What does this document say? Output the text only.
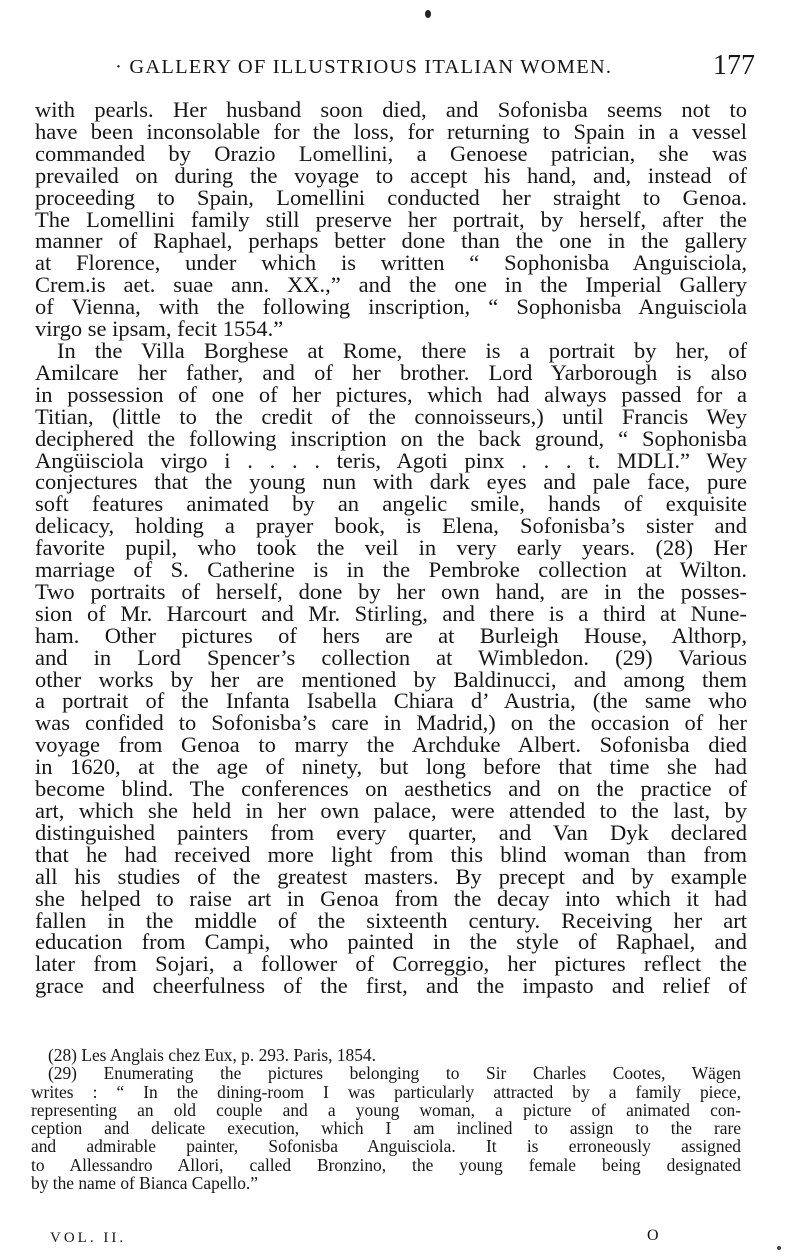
· GALLERY OF ILLUSTRIOUS ITALIAN WOMEN.	177
with pearls. Her husband soon died, and Sofonisba seems not to
have been inconsolable for the loss, for returning to Spain in a vessel
commanded by Orazio Lomellini, a Genoese patrician, she was
prevailed on during the voyage to accept his hand, and, instead of
proceeding to Spain, Lomellini conducted her straight to Genoa.
The Lomellini family still preserve her portrait, by herself, after the
manner of Raphael, perhaps better done than the one in the gallery
at Florence, under which is written “ Sophonisba Anguisciola,
Crem.is aet. suae ann. XX.,” and the one in the Imperial Gallery
of Vienna, with the following inscription, “ Sophonisba Anguisciola
virgo se ipsam, fecit 1554.”
In the Villa Borghese at Rome, there is a portrait by her, of
Amilcare her father, and of her brother. Lord Yarborough is also
in possession of one of her pictures, which had always passed for a
Titian, (little to the credit of the connoisseurs,) until Francis Wey
deciphered the following inscription on the back ground, “ Sophonisba
Angüisciola virgo i . . . . teris, Agoti pinx . . . t. MDLI.” Wey
conjectures that the young nun with dark eyes and pale face, pure
soft features animated by an angelic smile, hands of exquisite
delicacy, holding a prayer book, is Elena, Sofonisba’s sister and
favorite pupil, who took the veil in very early years. (28) Her
marriage of S. Catherine is in the Pembroke collection at Wilton.
Two portraits of herself, done by her own hand, are in the posses-
sion of Mr. Harcourt and Mr. Stirling, and there is a third at Nune-
ham. Other pictures of hers are at Burleigh House, Althorp,
and in Lord Spencer’s collection at Wimbledon. (29) Various
other works by her are mentioned by Baldinucci, and among them
a portrait of the Infanta Isabella Chiara d’ Austria, (the same who
was confided to Sofonisba’s care in Madrid,) on the occasion of her
voyage from Genoa to marry the Archduke Albert. Sofonisba died
in 1620, at the age of ninety, but long before that time she had
become blind. The conferences on aesthetics and on the practice of
art, which she held in her own palace, were attended to the last, by
distinguished painters from every quarter, and Van Dyk declared
that he had received more light from this blind woman than from
all his studies of the greatest masters. By precept and by example
she helped to raise art in Genoa from the decay into which it had
fallen in the middle of the sixteenth century. Receiving her art
education from Campi, who painted in the style of Raphael, and
later from Sojari, a follower of Correggio, her pictures reflect the
grace and cheerfulness of the first, and the impasto and relief of
(28) Les Anglais chez Eux, p. 293. Paris, 1854.
(29) Enumerating the pictures belonging to Sir Charles Cootes, Wägen
writes : “ In the dining-room I was particularly attracted by a family piece,
representing an old couple and a young woman, a picture of animated con-
ception and delicate execution, which I am inclined to assign to the rare
and admirable painter, Sofonisba Anguisciola. It is erroneously assigned
to Allessandro Allori, called Bronzino, the young female being designated
by the name of Bianca Capello.”
VOL. II.	O
